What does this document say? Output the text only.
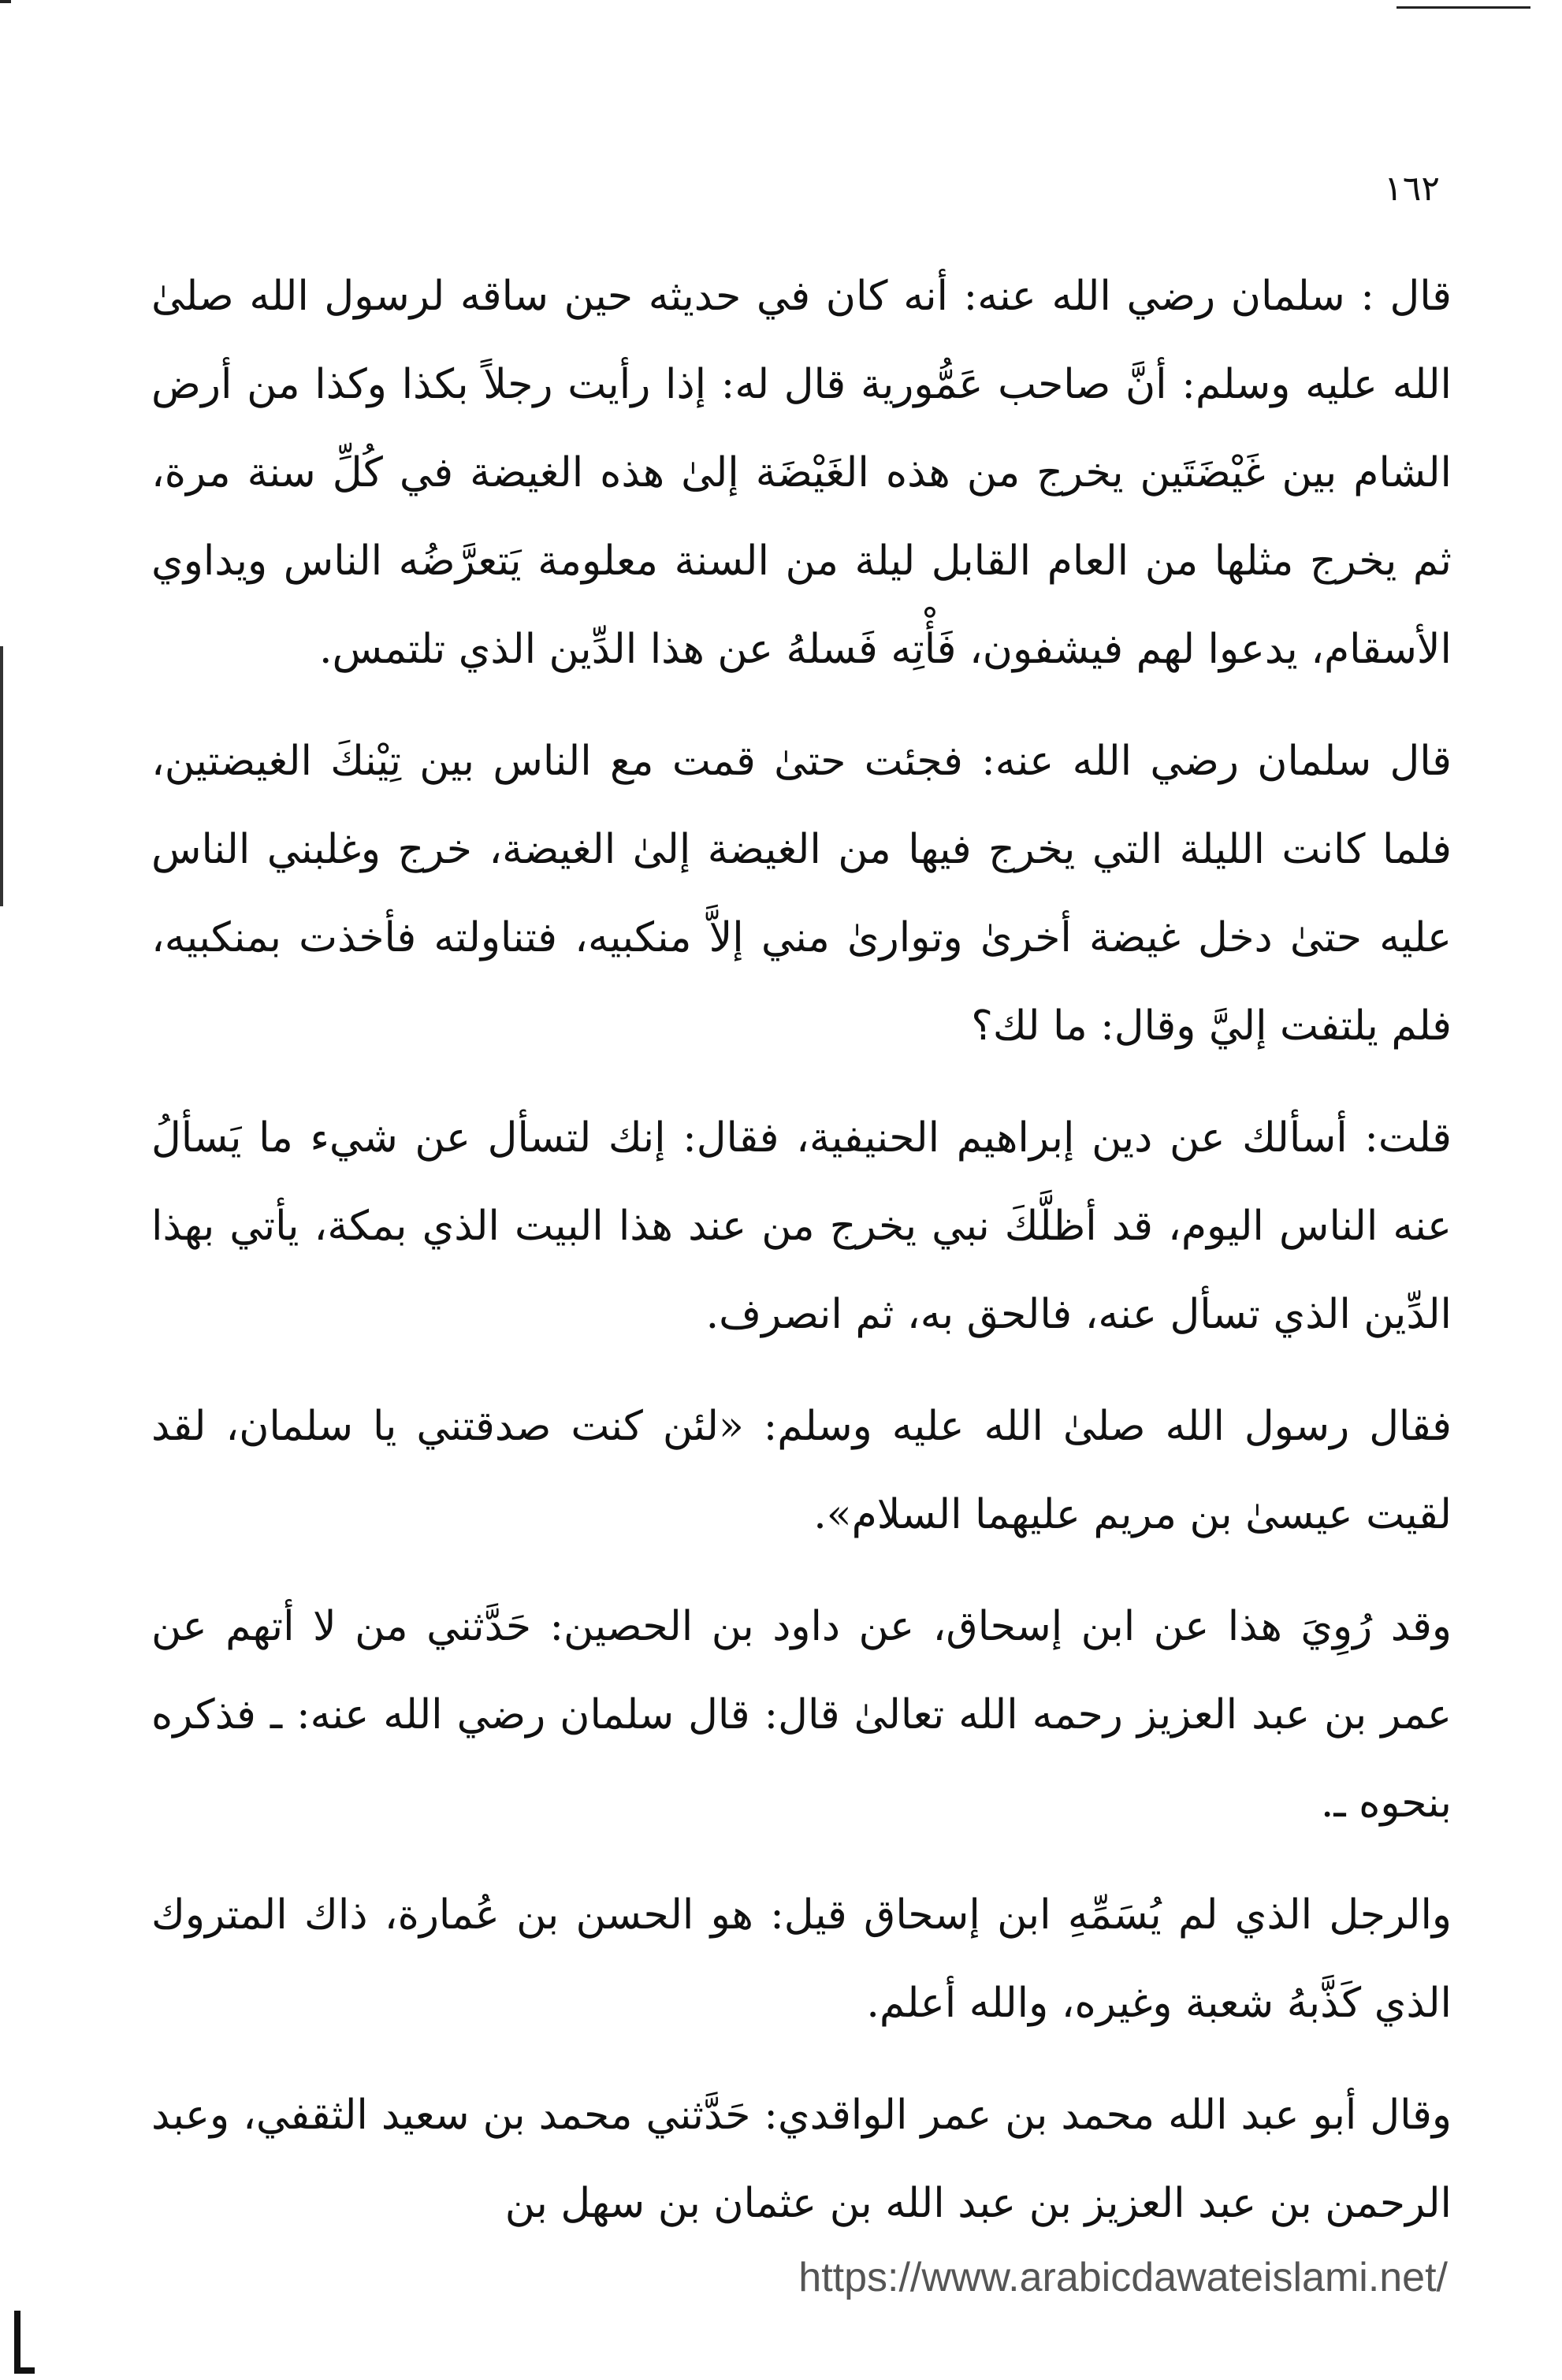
١٦٢

قال : سلمان رضي الله عنه: أنه كان في حديثه حين ساقه لرسول الله صلىٰ الله عليه وسلم: أنَّ صاحب عَمُّورية قال له: إذا رأيت رجلاً بكذا وكذا من أرض الشام بين غَيْضَتَين يخرج من هذه الغَيْضَة إلىٰ هذه الغيضة في كُلِّ سنة مرة، ثم يخرج مثلها من العام القابل ليلة من السنة معلومة يَتعرَّضُه الناس ويداوي الأسقام، يدعوا لهم فيشفون، فَأْتِه فَسلهُ عن هذا الدِّين الذي تلتمس.

قال سلمان رضي الله عنه: فجئت حتىٰ قمت مع الناس بين تِيْنكَ الغيضتين، فلما كانت الليلة التي يخرج فيها من الغيضة إلىٰ الغيضة، خرج وغلبني الناس عليه حتىٰ دخل غيضة أخرىٰ وتوارىٰ مني إلاَّ منكبيه، فتناولته فأخذت بمنكبيه، فلم يلتفت إليَّ وقال: ما لك؟

قلت: أسألك عن دين إبراهيم الحنيفية، فقال: إنك لتسأل عن شيء ما يَسألُ عنه الناس اليوم، قد أظلَّكَ نبي يخرج من عند هذا البيت الذي بمكة، يأتي بهذا الدِّين الذي تسأل عنه، فالحق به، ثم انصرف.

فقال رسول الله صلىٰ الله عليه وسلم: «لئن كنت صدقتني يا سلمان، لقد لقيت عيسىٰ بن مريم عليهما السلام».

وقد رُوِيَ هذا عن ابن إسحاق، عن داود بن الحصين: حَدَّثني من لا أتهم عن عمر بن عبد العزيز رحمه الله تعالىٰ قال: قال سلمان رضي الله عنه: ـ فذكره بنحوه ـ.

والرجل الذي لم يُسَمِّهِ ابن إسحاق قيل: هو الحسن بن عُمارة، ذاك المتروك الذي كَذَّبهُ شعبة وغيره، والله أعلم.

وقال أبو عبد الله محمد بن عمر الواقدي: حَدَّثني محمد بن سعيد الثقفي، وعبد الرحمن بن عبد العزيز بن عبد الله بن عثمان بن سهل بن

https://www.arabicdawateislami.net/
